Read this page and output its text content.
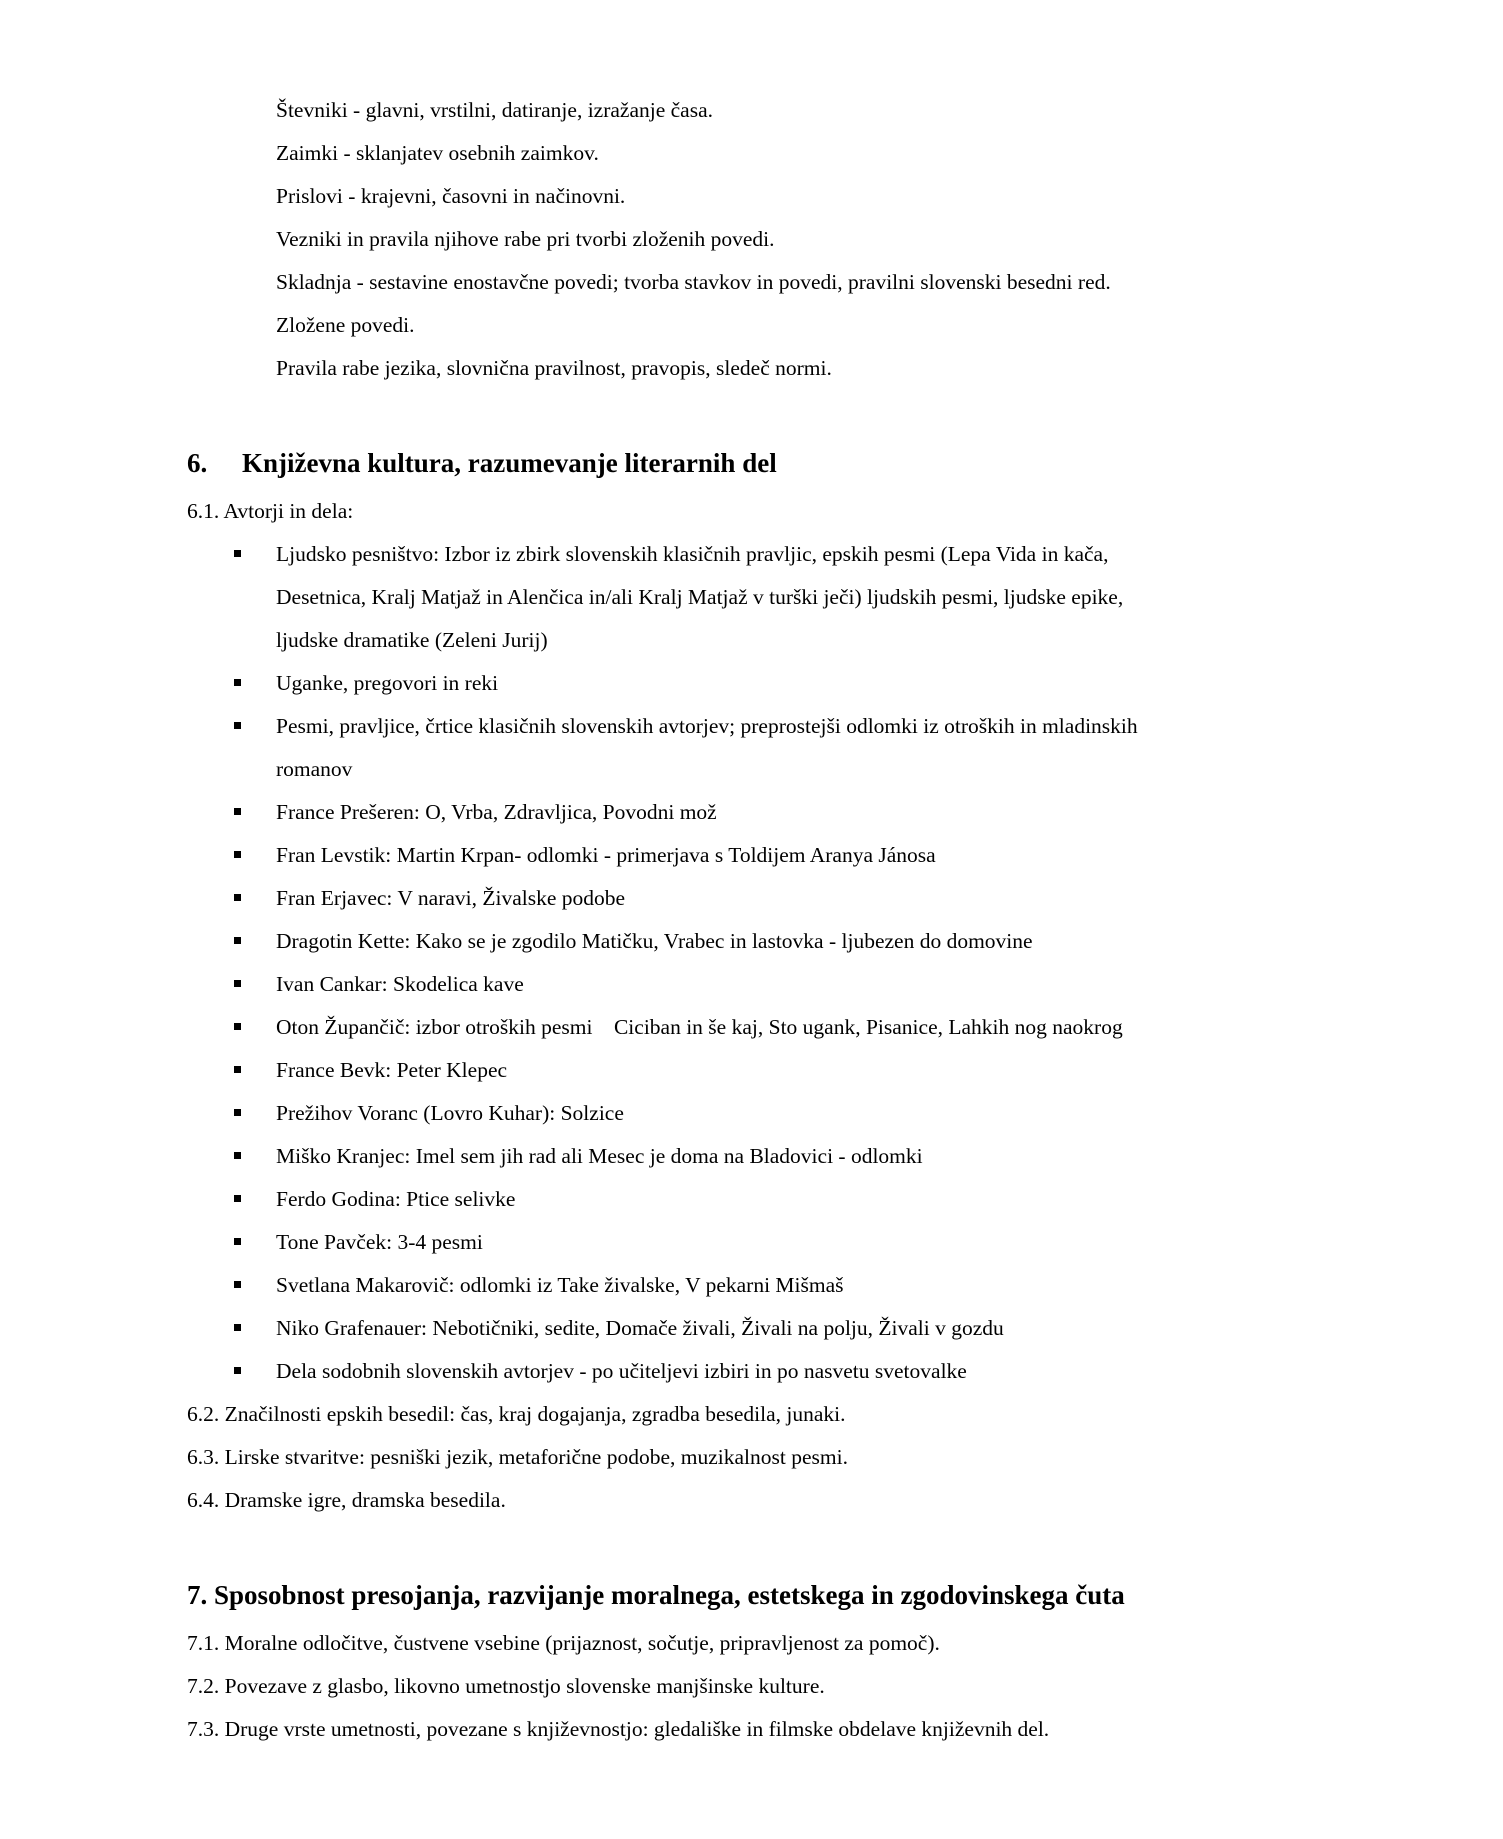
Števniki - glavni, vrstilni, datiranje, izražanje časa.
Zaimki - sklanjatev osebnih zaimkov.
Prislovi - krajevni, časovni in načinovni.
Vezniki in pravila njihove rabe pri tvorbi zloženih povedi.
Skladnja - sestavine enostavčne povedi; tvorba stavkov in povedi, pravilni slovenski besedni red.
Zložene povedi.
Pravila rabe jezika, slovnična pravilnost, pravopis, sledeč normi.
6. Književna kultura, razumevanje literarnih del
6.1. Avtorji in dela:
Ljudsko pesništvo: Izbor iz zbirk slovenskih klasičnih pravljic, epskih pesmi (Lepa Vida in kača,
Desetnica, Kralj Matjaž in Alenčica in/ali Kralj Matjaž v turški ječi) ljudskih pesmi, ljudske epike,
ljudske dramatike (Zeleni Jurij)
Uganke, pregovori in reki
Pesmi, pravljice, črtice klasičnih slovenskih avtorjev; preprostejši odlomki iz otroških in mladinskih
romanov
France Prešeren: O, Vrba, Zdravljica, Povodni mož
Fran Levstik: Martin Krpan- odlomki - primerjava s Toldijem Aranya Jánosa
Fran Erjavec: V naravi, Živalske podobe
Dragotin Kette: Kako se je zgodilo Matičku, Vrabec in lastovka - ljubezen do domovine
Ivan Cankar: Skodelica kave
Oton Župančič: izbor otroških pesmi    Ciciban in še kaj, Sto ugank, Pisanice, Lahkih nog naokrog
France Bevk: Peter Klepec
Prežihov Voranc (Lovro Kuhar): Solzice
Miško Kranjec: Imel sem jih rad ali Mesec je doma na Bladovici - odlomki
Ferdo Godina: Ptice selivke
Tone Pavček: 3-4 pesmi
Svetlana Makarovič: odlomki iz Take živalske, V pekarni Mišmaš
Niko Grafenauer: Nebotičniki, sedite, Domače živali, Živali na polju, Živali v gozdu
Dela sodobnih slovenskih avtorjev - po učiteljevi izbiri in po nasvetu svetovalke
6.2. Značilnosti epskih besedil: čas, kraj dogajanja, zgradba besedila, junaki.
6.3. Lirske stvaritve: pesniški jezik, metaforične podobe, muzikalnost pesmi.
6.4. Dramske igre, dramska besedila.
7. Sposobnost presojanja, razvijanje moralnega, estetskega in zgodovinskega čuta
7.1. Moralne odločitve, čustvene vsebine (prijaznost, sočutje, pripravljenost za pomoč).
7.2. Povezave z glasbo, likovno umetnostjo slovenske manjšinske kulture.
7.3. Druge vrste umetnosti, povezane s književnostjo: gledališke in filmske obdelave književnih del.
